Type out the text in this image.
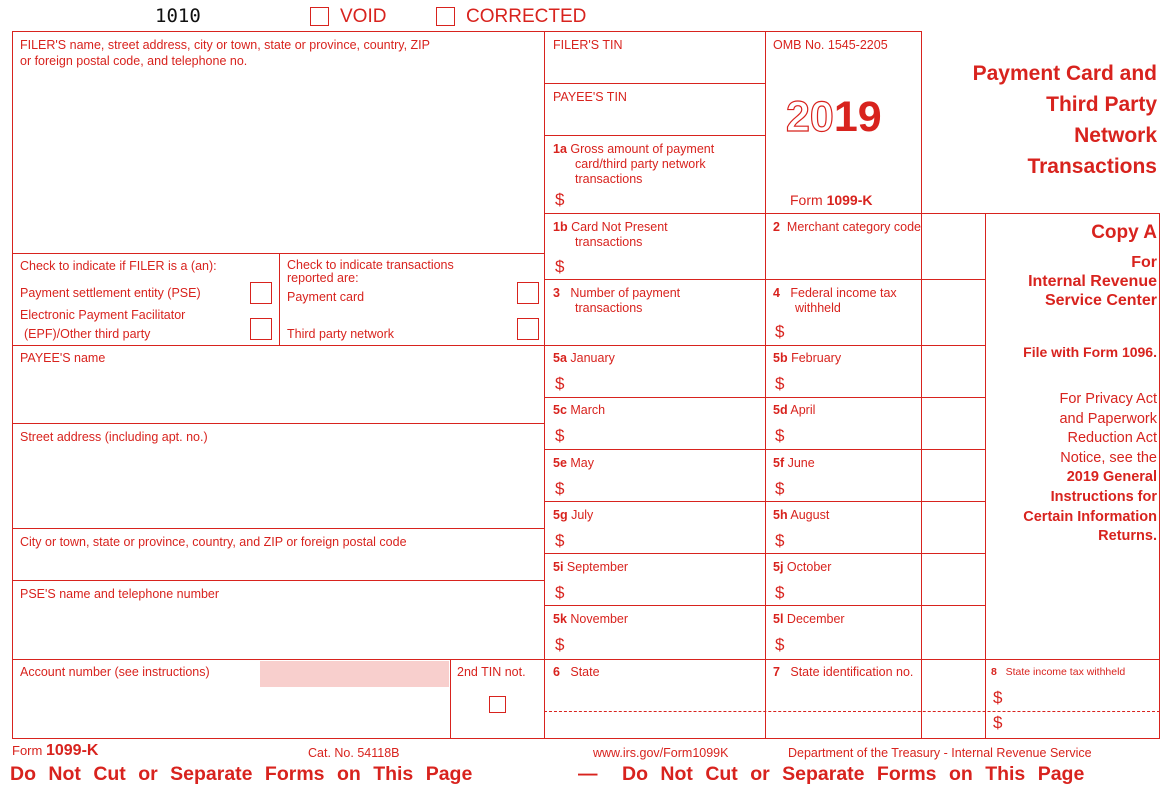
1010	VOID	CORRECTED
FILER'S name, street address, city or town, state or province, country, ZIP
or foreign postal code, and telephone no.
Check to indicate if FILER is a (an):
Payment settlement entity (PSE)
Electronic Payment Facilitator
(EPF)/Other third party
Check to indicate transactions
reported are:
Payment card
Third party network
PAYEE'S name
Street address (including apt. no.)
City or town, state or province, country, and ZIP or foreign postal code
PSE'S name and telephone number
Account number (see instructions)	2nd TIN not.
FILER'S TIN
PAYEE'S TIN
1a Gross amount of payment
card/third party network
transactions
$
OMB No. 1545-2205
2019
Form 1099-K
Payment Card and
Third Party
Network
Transactions
Copy A
For
Internal Revenue
Service Center
File with Form 1096.
For Privacy Act
and Paperwork
Reduction Act
Notice, see the
2019 General
Instructions for
Certain Information
Returns.
1b Card Not Present
transactions
$
2 Merchant category code
3 Number of payment
transactions
4 Federal income tax
withheld
$
5a January
$
5b February
$
5c March
$
5d April
$
5e May
$
5f June
$
5g July
$
5h August
$
5i September
$
5j October
$
5k November
$
5l December
$
6 State	7 State identification no.	8 State income tax withheld
$
$
Form 1099-K	Cat. No. 54118B	www.irs.gov/Form1099K	Department of the Treasury - Internal Revenue Service
Do Not Cut or Separate Forms on This Page	— Do Not Cut or Separate Forms on This Page
